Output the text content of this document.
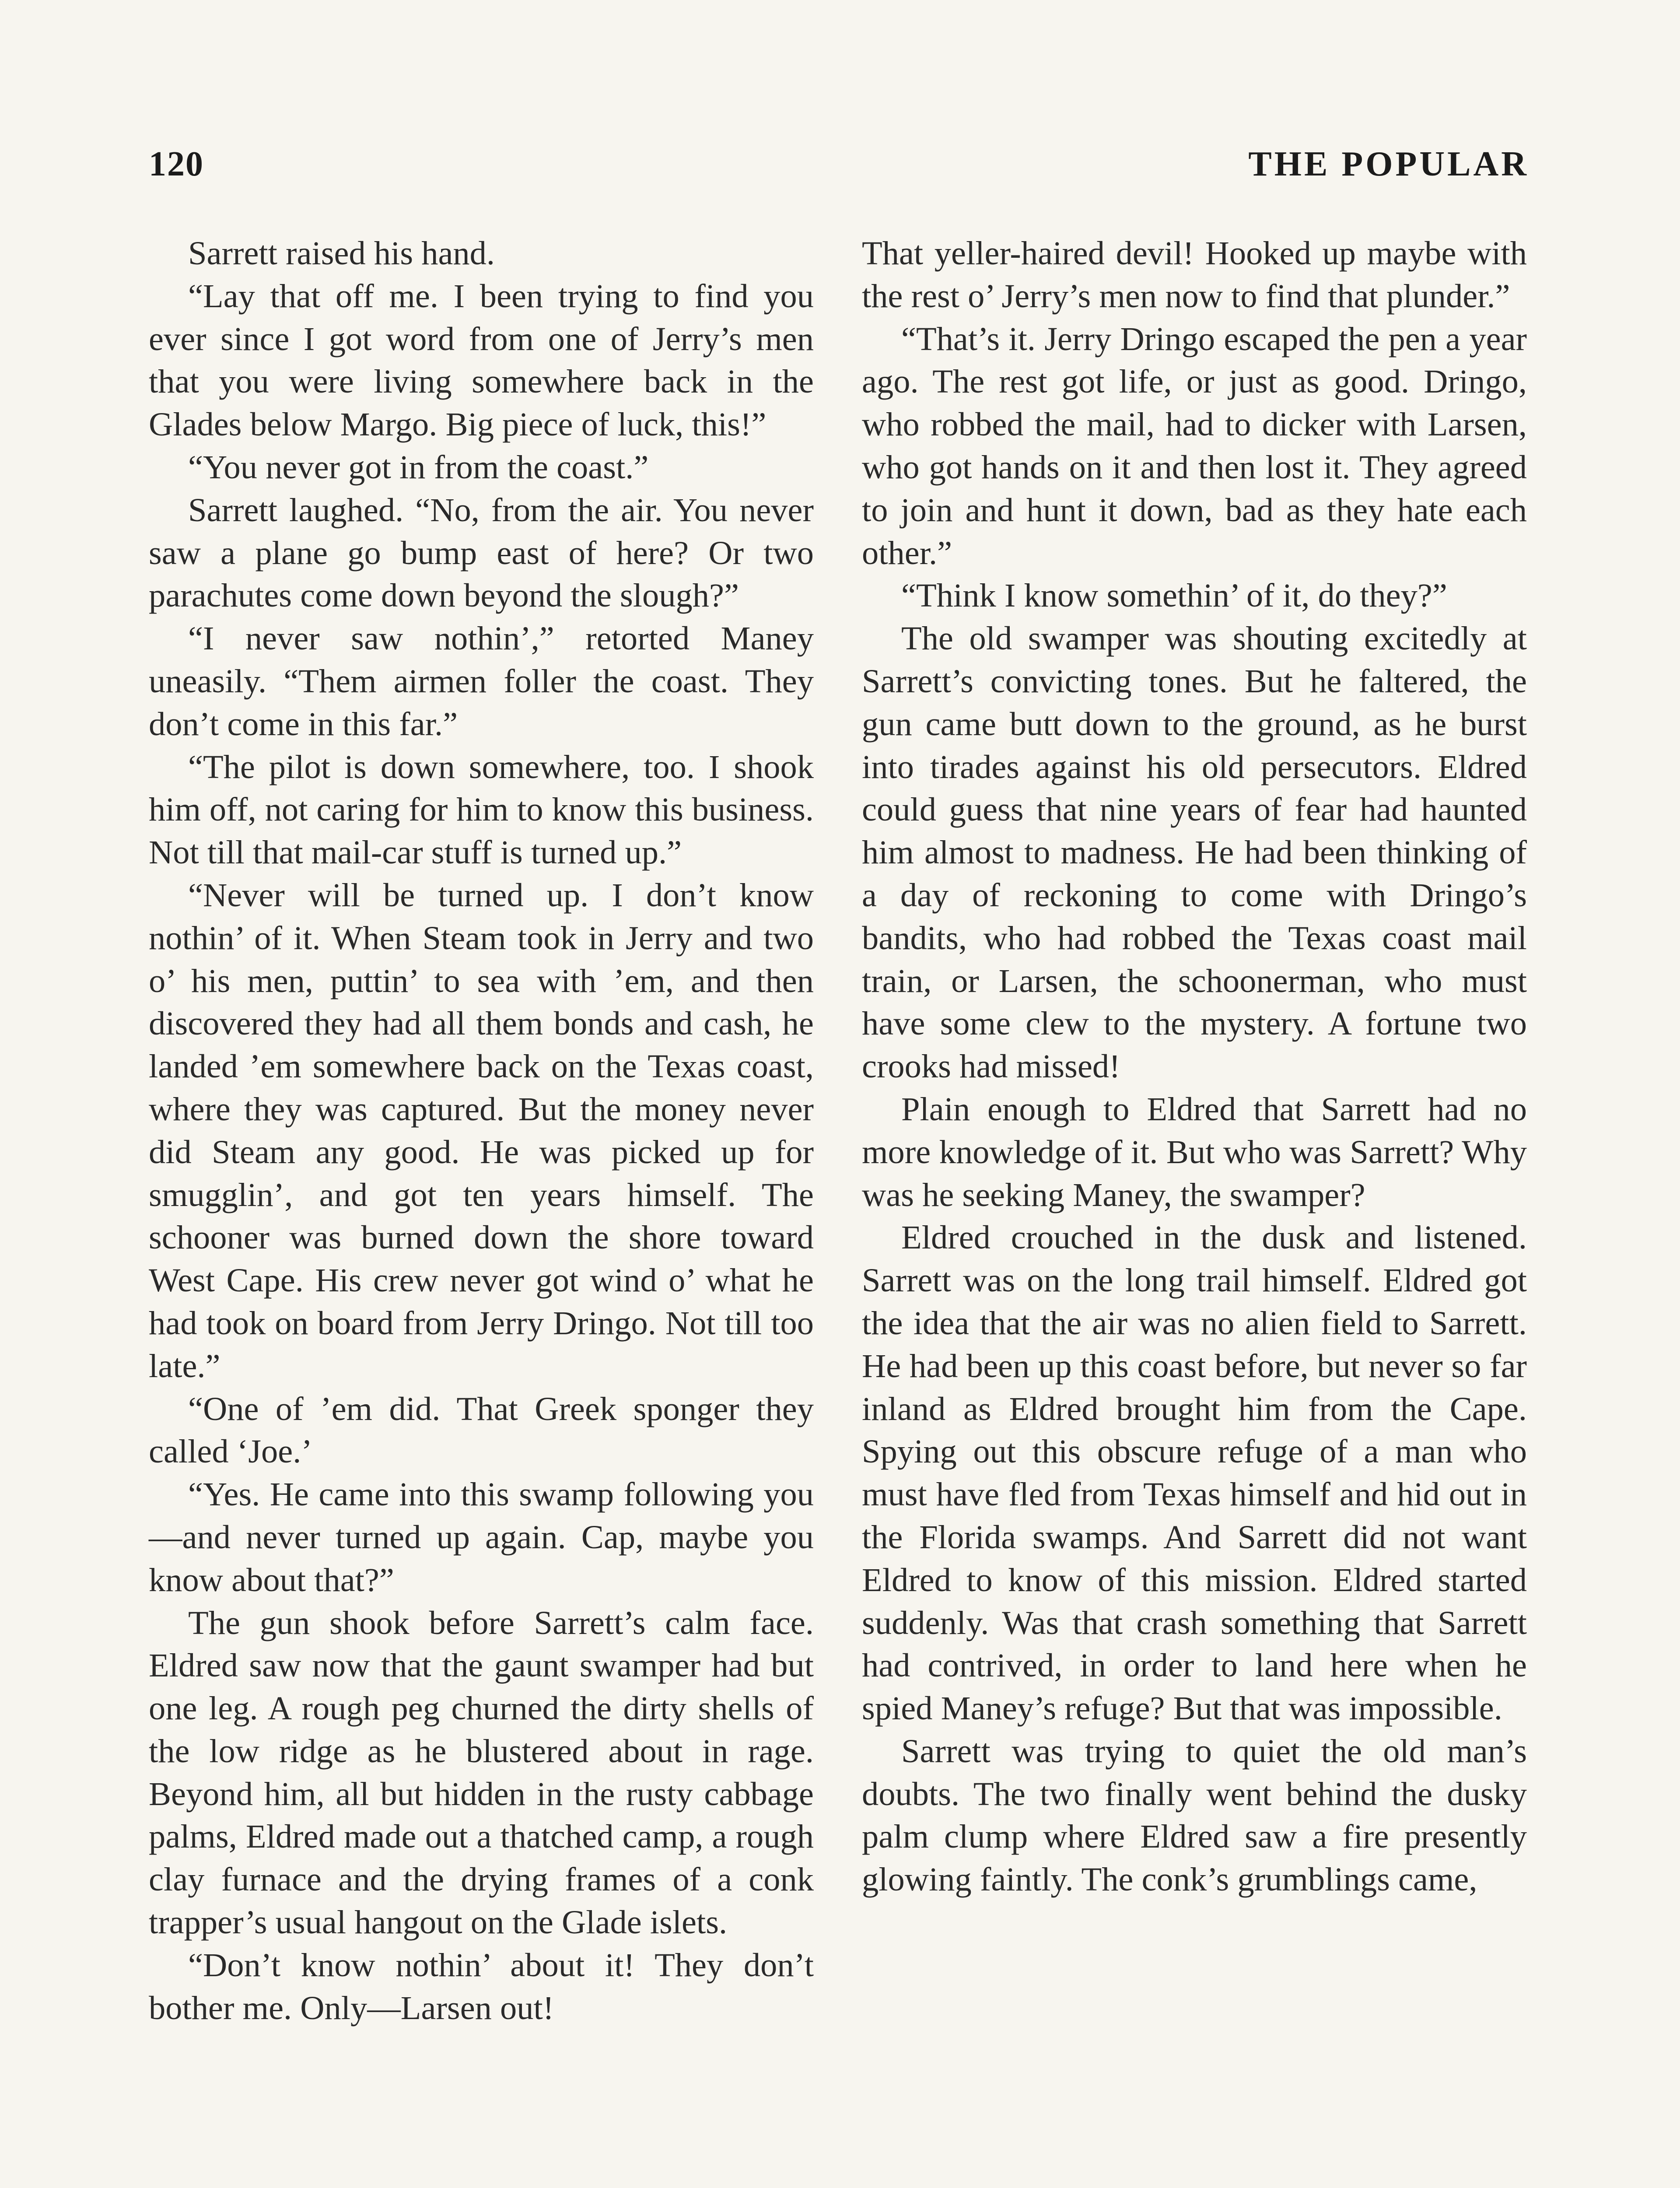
120	THE POPULAR

Sarrett raised his hand.

“Lay that off me. I been trying to find you ever since I got word from one of Jerry’s men that you were living somewhere back in the Glades below Margo. Big piece of luck, this!”

“You never got in from the coast.”

Sarrett laughed. “No, from the air. You never saw a plane go bump east of here? Or two parachutes come down beyond the slough?”

“I never saw nothin’,” retorted Maney uneasily. “Them airmen foller the coast. They don’t come in this far.”

“The pilot is down somewhere, too. I shook him off, not caring for him to know this business. Not till that mail-car stuff is turned up.”

“Never will be turned up. I don’t know nothin’ of it. When Steam took in Jerry and two o’ his men, puttin’ to sea with ’em, and then discovered they had all them bonds and cash, he landed ’em somewhere back on the Texas coast, where they was captured. But the money never did Steam any good. He was picked up for smugglin’, and got ten years himself. The schooner was burned down the shore toward West Cape. His crew never got wind o’ what he had took on board from Jerry Dringo. Not till too late.”

“One of ’em did. That Greek sponger they called ‘Joe.’

“Yes. He came into this swamp following you—and never turned up again. Cap, maybe you know about that?”

The gun shook before Sarrett’s calm face. Eldred saw now that the gaunt swamper had but one leg. A rough peg churned the dirty shells of the low ridge as he blustered about in rage. Beyond him, all but hidden in the rusty cabbage palms, Eldred made out a thatched camp, a rough clay furnace and the drying frames of a conk trapper’s usual hangout on the Glade islets.

“Don’t know nothin’ about it! They don’t bother me. Only—Larsen out!

That yeller-haired devil! Hooked up maybe with the rest o’ Jerry’s men now to find that plunder.”

“That’s it. Jerry Dringo escaped the pen a year ago. The rest got life, or just as good. Dringo, who robbed the mail, had to dicker with Larsen, who got hands on it and then lost it. They agreed to join and hunt it down, bad as they hate each other.”

“Think I know somethin’ of it, do they?”

The old swamper was shouting excitedly at Sarrett’s convicting tones. But he faltered, the gun came butt down to the ground, as he burst into tirades against his old persecutors. Eldred could guess that nine years of fear had haunted him almost to madness. He had been thinking of a day of reckoning to come with Dringo’s bandits, who had robbed the Texas coast mail train, or Larsen, the schoonerman, who must have some clew to the mystery. A fortune two crooks had missed!

Plain enough to Eldred that Sarrett had no more knowledge of it. But who was Sarrett? Why was he seeking Maney, the swamper?

Eldred crouched in the dusk and listened. Sarrett was on the long trail himself. Eldred got the idea that the air was no alien field to Sarrett. He had been up this coast before, but never so far inland as Eldred brought him from the Cape. Spying out this obscure refuge of a man who must have fled from Texas himself and hid out in the Florida swamps. And Sarrett did not want Eldred to know of this mission. Eldred started suddenly. Was that crash something that Sarrett had contrived, in order to land here when he spied Maney’s refuge? But that was impossible.

Sarrett was trying to quiet the old man’s doubts. The two finally went behind the dusky palm clump where Eldred saw a fire presently glowing faintly. The conk’s grumblings came,
